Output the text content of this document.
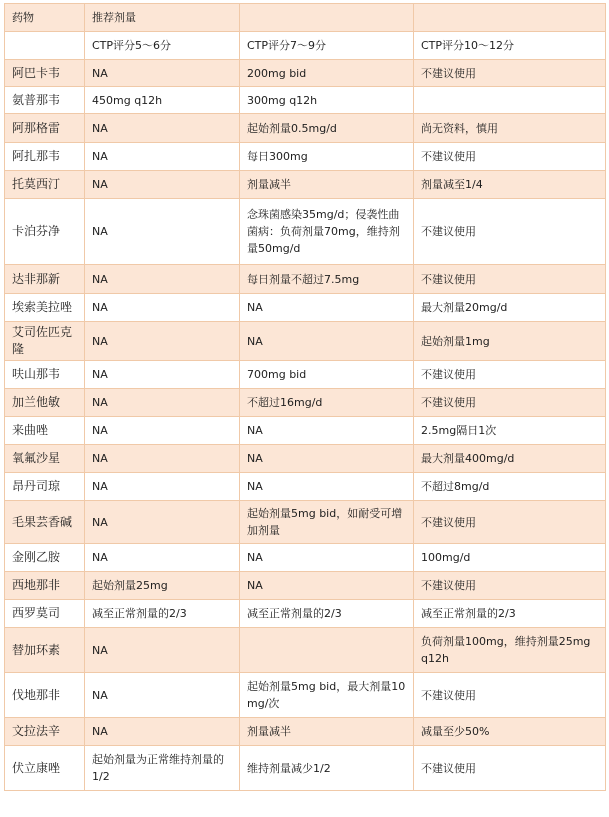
药物	推荐剂量		
	CTP评分5～6分	CTP评分7～9分	CTP评分10～12分
阿巴卡韦	NA	200mg bid	不建议使用
氨普那韦	450mg q12h	300mg q12h	
阿那格雷	NA	起始剂量0.5mg/d	尚无资料，慎用
阿扎那韦	NA	每日300mg	不建议使用
托莫西汀	NA	剂量减半	剂量减至1/4
卡泊芬净	NA	念珠菌感染35mg/d；侵袭性曲菌病：负荷剂量70mg，维持剂量50mg/d	不建议使用
达非那新	NA	每日剂量不超过7.5mg	不建议使用
埃索美拉唑	NA	NA	最大剂量20mg/d
艾司佐匹克隆	NA	NA	起始剂量1mg
呋山那韦	NA	700mg bid	不建议使用
加兰他敏	NA	不超过16mg/d	不建议使用
来曲唑	NA	NA	2.5mg隔日1次
氧氟沙星	NA	NA	最大剂量400mg/d
昂丹司琼	NA	NA	不超过8mg/d
毛果芸香碱	NA	起始剂量5mg bid，如耐受可增加剂量	不建议使用
金刚乙胺	NA	NA	100mg/d
西地那非	起始剂量25mg	NA	不建议使用
西罗莫司	减至正常剂量的2/3	减至正常剂量的2/3	减至正常剂量的2/3
替加环素	NA		负荷剂量100mg，维持剂量25mg q12h
伐地那非	NA	起始剂量5mg bid，最大剂量10mg/次	不建议使用
文拉法辛	NA	剂量减半	减量至少50%
伏立康唑	起始剂量为正常维持剂量的1/2	维持剂量减少1/2	不建议使用
